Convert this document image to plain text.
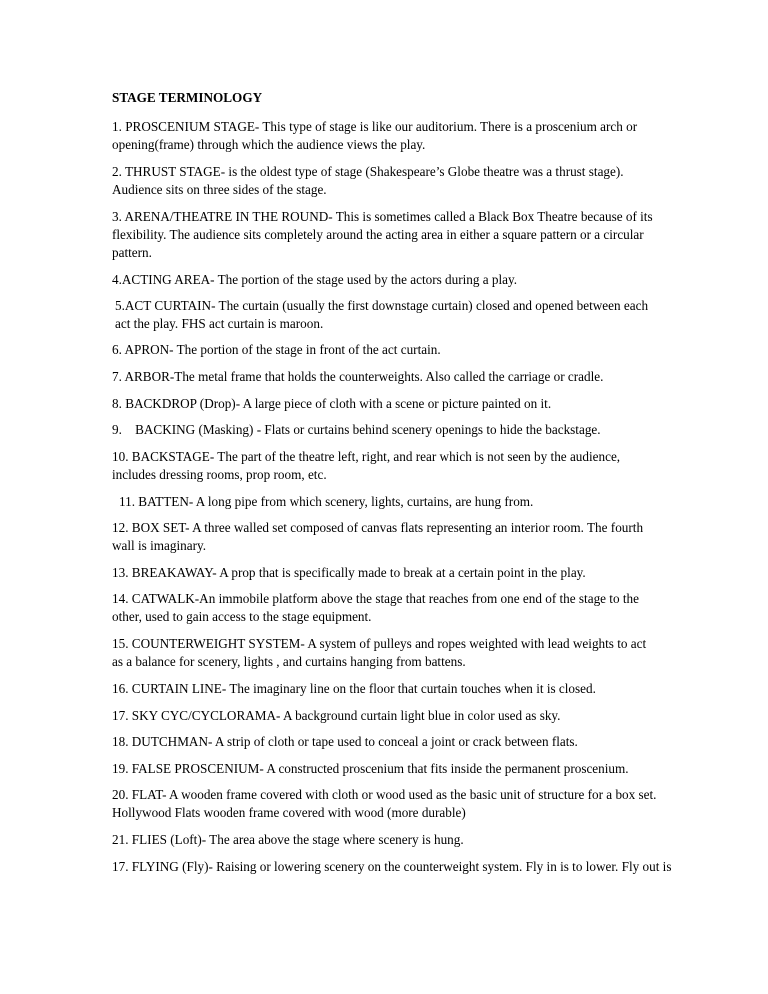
STAGE TERMINOLOGY

1. PROSCENIUM STAGE- This type of stage is like our auditorium. There is a proscenium arch or opening(frame) through which the audience views the play.

2. THRUST STAGE- is the oldest type of stage (Shakespeare’s Globe theatre was a thrust stage). Audience sits on three sides of the stage.

3. ARENA/THEATRE IN THE ROUND- This is sometimes called a Black Box Theatre because of its flexibility. The audience sits completely around the acting area in either a square pattern or a circular pattern.

4.ACTING AREA- The portion of the stage used by the actors during a play.

5.ACT CURTAIN- The curtain (usually the first downstage curtain) closed and opened between each act the play. FHS act curtain is maroon.

6. APRON- The portion of the stage in front of the act curtain.

7. ARBOR-The metal frame that holds the counterweights. Also called the carriage or cradle.

8. BACKDROP (Drop)- A large piece of cloth with a scene or picture painted on it.

9.    BACKING (Masking) - Flats or curtains behind scenery openings to hide the backstage.

10. BACKSTAGE- The part of the theatre left, right, and rear which is not seen by the audience, includes dressing rooms, prop room, etc.

11. BATTEN- A long pipe from which scenery, lights, curtains, are hung from.

12. BOX SET- A three walled set composed of canvas flats representing an interior room. The fourth wall is imaginary.

13. BREAKAWAY- A prop that is specifically made to break at a certain point in the play.

14. CATWALK-An immobile platform above the stage that reaches from one end of the stage to the other, used to gain access to the stage equipment.

15. COUNTERWEIGHT SYSTEM- A system of pulleys and ropes weighted with lead weights to act as a balance for scenery, lights , and curtains hanging from battens.

16. CURTAIN LINE- The imaginary line on the floor that curtain touches when it is closed.

17. SKY CYC/CYCLORAMA- A background curtain light blue in color used as sky.

18. DUTCHMAN- A strip of cloth or tape used to conceal a joint or crack between flats.

19. FALSE PROSCENIUM- A constructed proscenium that fits inside the permanent proscenium.

20. FLAT- A wooden frame covered with cloth or wood used as the basic unit of structure for a box set. Hollywood Flats wooden frame covered with wood (more durable)

21. FLIES (Loft)- The area above the stage where scenery is hung.

17. FLYING (Fly)- Raising or lowering scenery on the counterweight system. Fly in is to lower. Fly out is
